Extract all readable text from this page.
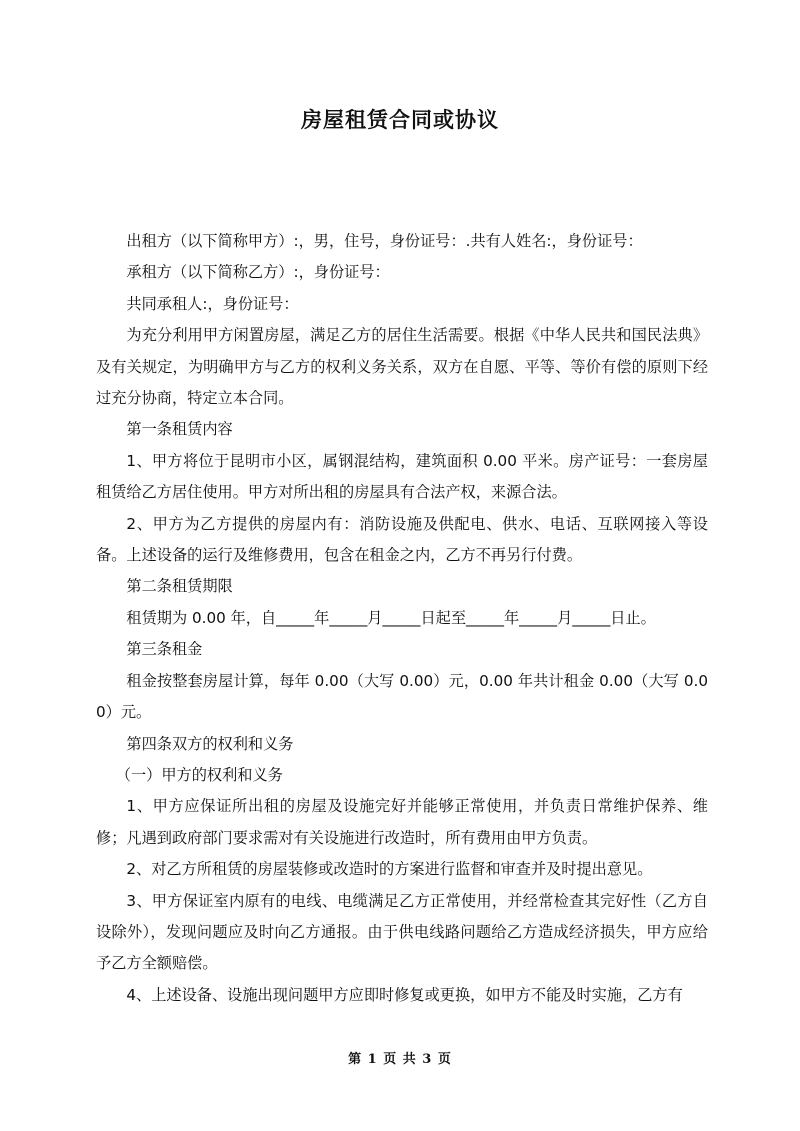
房屋租赁合同或协议

出租方（以下简称甲方）:，男，住号，身份证号：.共有人姓名:，身份证号：

承租方（以下简称乙方）:，身份证号：

共同承租人:，身份证号：

为充分利用甲方闲置房屋，满足乙方的居住生活需要。根据《中华人民共和国民法典》及有关规定，为明确甲方与乙方的权利义务关系，双方在自愿、平等、等价有偿的原则下经过充分协商，特定立本合同。

第一条租赁内容

1、甲方将位于昆明市小区，属钢混结构，建筑面积 0.00 平米。房产证号：一套房屋租赁给乙方居住使用。甲方对所出租的房屋具有合法产权，来源合法。

2、甲方为乙方提供的房屋内有：消防设施及供配电、供水、电话、互联网接入等设备。上述设备的运行及维修费用，包含在租金之内，乙方不再另行付费。

第二条租赁期限

租赁期为 0.00 年，自_____年_____月_____日起至_____年_____月_____日止。

第三条租金

租金按整套房屋计算，每年 0.00（大写 0.00）元，0.00 年共计租金 0.00（大写 0.00）元。

第四条双方的权利和义务

（一）甲方的权利和义务

1、甲方应保证所出租的房屋及设施完好并能够正常使用，并负责日常维护保养、维修；凡遇到政府部门要求需对有关设施进行改造时，所有费用由甲方负责。

2、对乙方所租赁的房屋装修或改造时的方案进行监督和审查并及时提出意见。

3、甲方保证室内原有的电线、电缆满足乙方正常使用，并经常检查其完好性（乙方自设除外），发现问题应及时向乙方通报。由于供电线路问题给乙方造成经济损失，甲方应给予乙方全额赔偿。

4、上述设备、设施出现问题甲方应即时修复或更换，如甲方不能及时实施，乙方有

第 1 页 共 3 页
